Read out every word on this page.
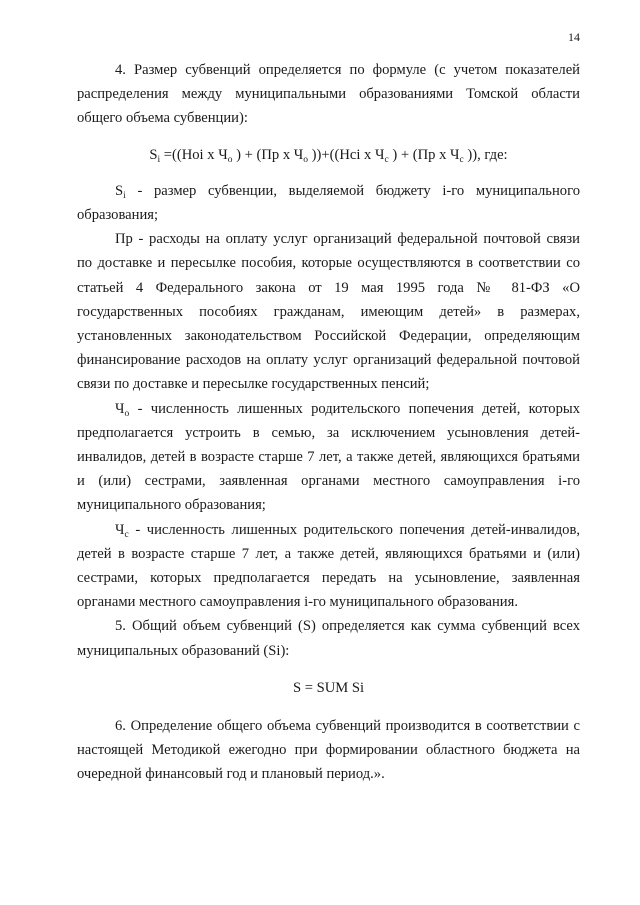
14

4. Размер субвенций определяется по формуле (с учетом показателей распределения между муниципальными образованиями Томской области общего объема субвенции):

$S_i =((Нoi$ x $Ч_о$ ) + (Пр x $Ч_о$ ))+((Нci x $Ч_с$ ) + (Пр x $Ч_с$ )), где:

$S_i$ - размер субвенции, выделяемой бюджету i-го муниципального образования;

Пр - расходы на оплату услуг организаций федеральной почтовой связи по доставке и пересылке пособия, которые осуществляются в соответствии со статьей 4 Федерального закона от 19 мая 1995 года № 81-ФЗ «О государственных пособиях гражданам, имеющим детей» в размерах, установленных законодательством Российской Федерации, определяющим финансирование расходов на оплату услуг организаций федеральной почтовой связи по доставке и пересылке государственных пенсий;

$Ч_о$ - численность лишенных родительского попечения детей, которых предполагается устроить в семью, за исключением усыновления детей-инвалидов, детей в возрасте старше 7 лет, а также детей, являющихся братьями и (или) сестрами, заявленная органами местного самоуправления i-го муниципального образования;

$Ч_с$ - численность лишенных родительского попечения детей-инвалидов, детей в возрасте старше 7 лет, а также детей, являющихся братьями и (или) сестрами, которых предполагается передать на усыновление, заявленная органами местного самоуправления i-го муниципального образования.

5. Общий объем субвенций (S) определяется как сумма субвенций всех муниципальных образований (Si):

S = SUM Si

6. Определение общего объема субвенций производится в соответствии с настоящей Методикой ежегодно при формировании областного бюджета на очередной финансовый год и плановый период.».
